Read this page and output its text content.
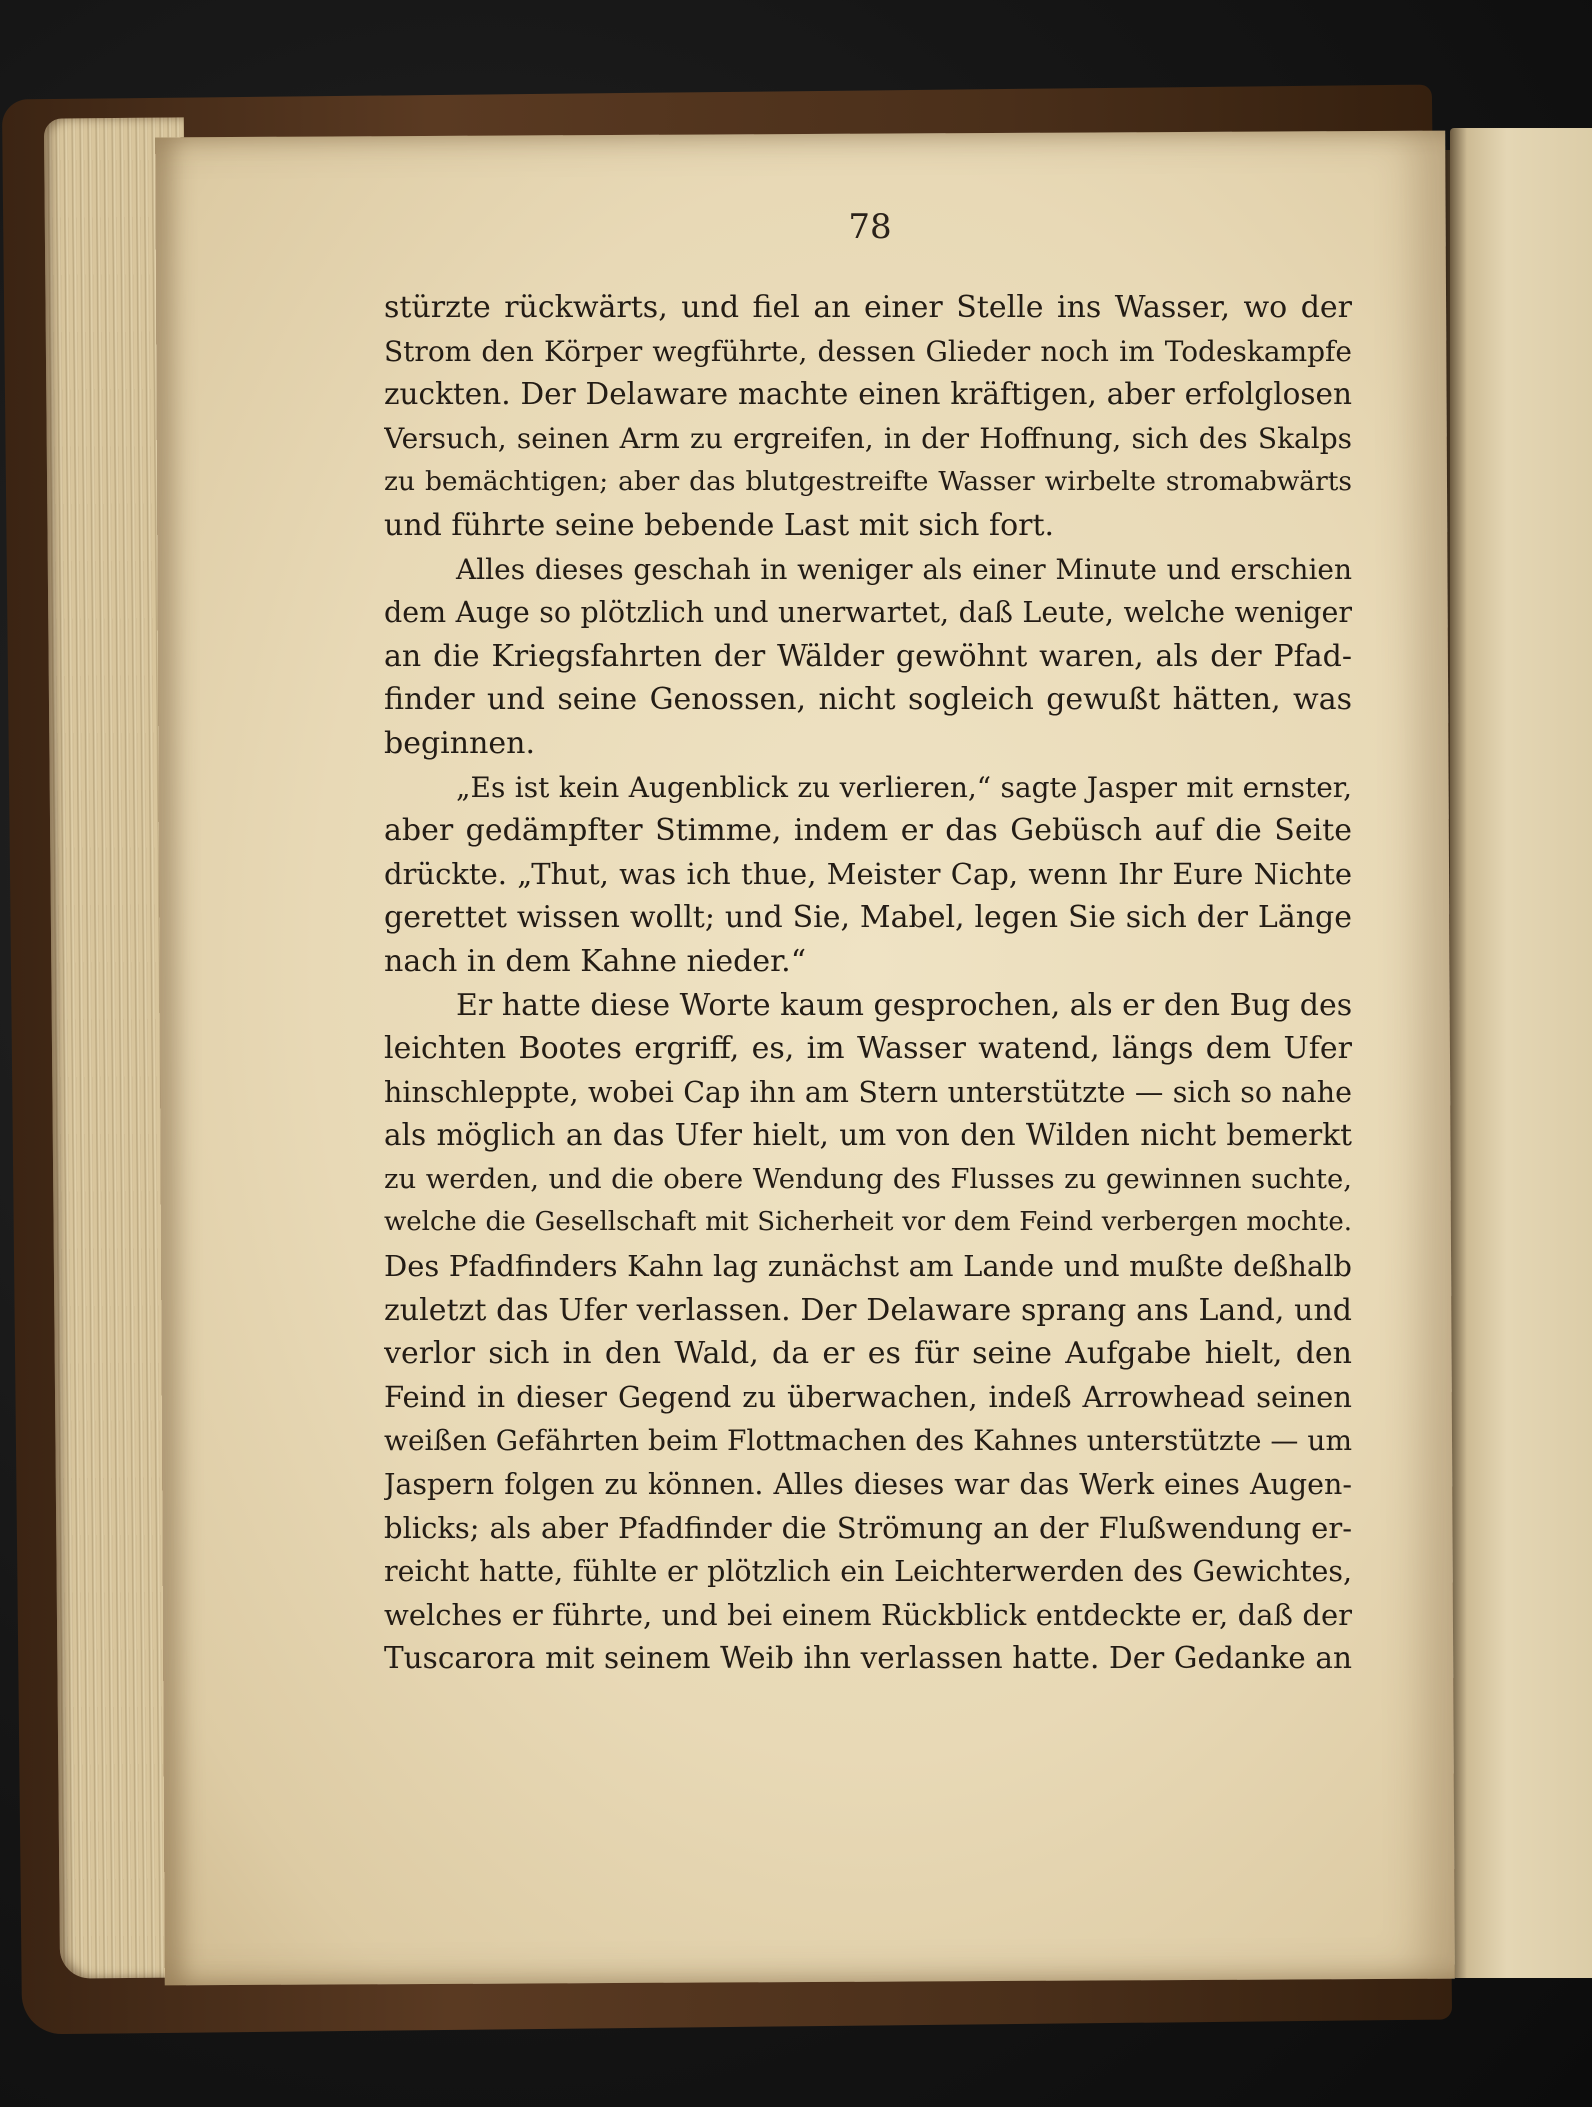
78
stürzte rückwärts, und fiel an einer Stelle ins Wasser, wo der
Strom den Körper wegführte, dessen Glieder noch im Todeskampfe
zuckten. Der Delaware machte einen kräftigen, aber erfolglosen
Versuch, seinen Arm zu ergreifen, in der Hoffnung, sich des Skalps
zu bemächtigen; aber das blutgestreifte Wasser wirbelte stromabwärts
und führte seine bebende Last mit sich fort.
Alles dieses geschah in weniger als einer Minute und erschien
dem Auge so plötzlich und unerwartet, daß Leute, welche weniger
an die Kriegsfahrten der Wälder gewöhnt waren, als der Pfad-
finder und seine Genossen, nicht sogleich gewußt hätten, was
beginnen.
„Es ist kein Augenblick zu verlieren,“ sagte Jasper mit ernster,
aber gedämpfter Stimme, indem er das Gebüsch auf die Seite
drückte. „Thut, was ich thue, Meister Cap, wenn Ihr Eure Nichte
gerettet wissen wollt; und Sie, Mabel, legen Sie sich der Länge
nach in dem Kahne nieder.“
Er hatte diese Worte kaum gesprochen, als er den Bug des
leichten Bootes ergriff, es, im Wasser watend, längs dem Ufer
hinschleppte, wobei Cap ihn am Stern unterstützte — sich so nahe
als möglich an das Ufer hielt, um von den Wilden nicht bemerkt
zu werden, und die obere Wendung des Flusses zu gewinnen suchte,
welche die Gesellschaft mit Sicherheit vor dem Feind verbergen mochte.
Des Pfadfinders Kahn lag zunächst am Lande und mußte deßhalb
zuletzt das Ufer verlassen. Der Delaware sprang ans Land, und
verlor sich in den Wald, da er es für seine Aufgabe hielt, den
Feind in dieser Gegend zu überwachen, indeß Arrowhead seinen
weißen Gefährten beim Flottmachen des Kahnes unterstützte — um
Jaspern folgen zu können. Alles dieses war das Werk eines Augen-
blicks; als aber Pfadfinder die Strömung an der Flußwendung er-
reicht hatte, fühlte er plötzlich ein Leichterwerden des Gewichtes,
welches er führte, und bei einem Rückblick entdeckte er, daß der
Tuscarora mit seinem Weib ihn verlassen hatte. Der Gedanke an
